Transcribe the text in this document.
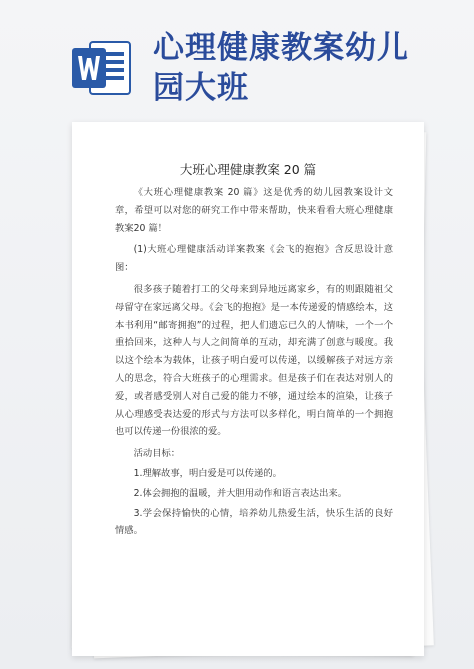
心理健康教案幼儿
园大班
大班心理健康教案 20 篇

《大班心理健康教案 20 篇》这是优秀的幼儿园教案设计文章，希望可以对您的研究工作中带来帮助，快来看看大班心理健康教案20 篇！

(1)大班心理健康活动详案教案《会飞的抱抱》含反思设计意图：

很多孩子随着打工的父母来到异地远离家乡，有的则跟随祖父母留守在家远离父母。《会飞的抱抱》是一本传递爱的情感绘本，这本书利用“邮寄拥抱”的过程，把人们遗忘已久的人情味，一个一个重拾回来，这种人与人之间简单的互动，却充满了创意与暖度。我以这个绘本为载体，让孩子明白爱可以传递，以缓解孩子对远方亲人的思念，符合大班孩子的心理需求。但是孩子们在表达对别人的爱，或者感受别人对自己爱的能力不够，通过绘本的渲染，让孩子从心理感受表达爱的形式与方法可以多样化，明白简单的一个拥抱也可以传递一份很浓的爱。

活动目标：

1.理解故事，明白爱是可以传递的。

2.体会拥抱的温暖，并大胆用动作和语言表达出来。

3.学会保持愉快的心情，培养幼儿热爱生活，快乐生活的良好情感。
